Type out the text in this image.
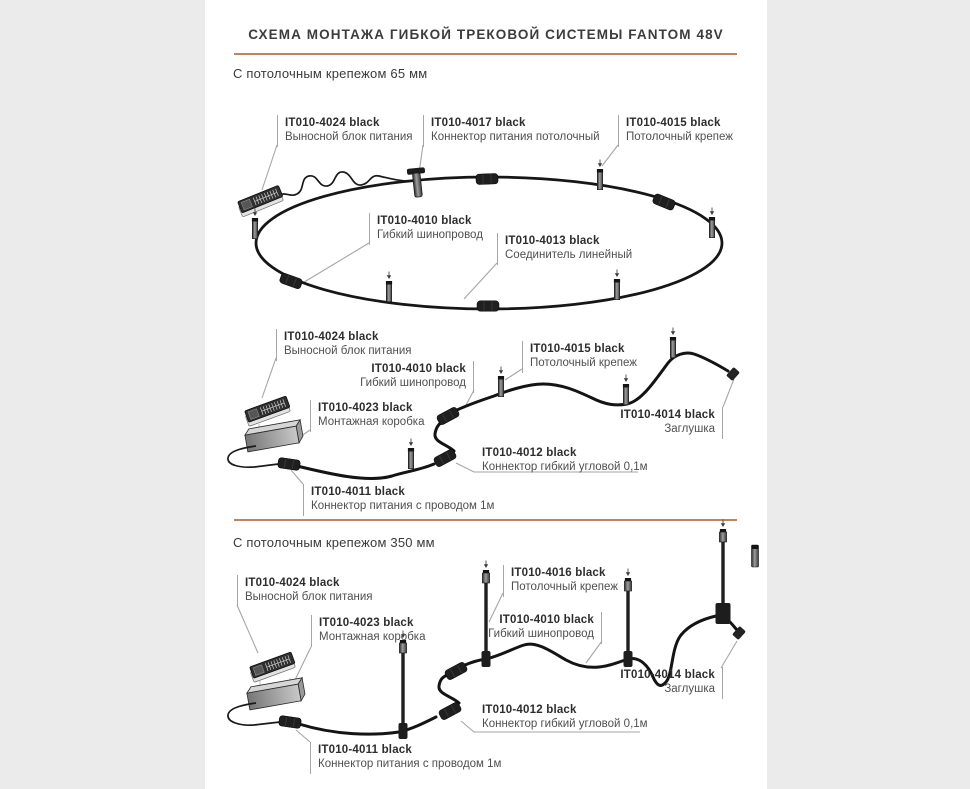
СХЕМА МОНТАЖА ГИБКОЙ ТРЕКОВОЙ СИСТЕМЫ FANTOM 48V
С потолочным крепежом 65 мм
С потолочным крепежом 350 мм
IT010-4024 black
Выносной блок питания
IT010-4017 black
Коннектор питания потолочный
IT010-4015 black
Потолочный крепеж
IT010-4010 black
Гибкий шинопровод IT010-4013 black
Соединитель линейный
IT010-4024 black
Выносной блок питания
IT010-4010 black
Гибкий шинопровод
IT010-4023 black
Монтажная коробка
IT010-4015 black
Потолочный крепеж
IT010-4014 black
Заглушка
IT010-4012 black
Коннектор гибкий угловой 0,1м
IT010-4011 black
Коннектор питания с проводом 1м
IT010-4024 black
Выносной блок питания
IT010-4023 black
Монтажная коробка
IT010-4016 black
Потолочный крепеж
IT010-4010 black
Гибкий шинопровод
IT010-4014 black
Заглушка
IT010-4012 black
Коннектор гибкий угловой 0,1м
IT010-4011 black
Коннектор питания с проводом 1м
